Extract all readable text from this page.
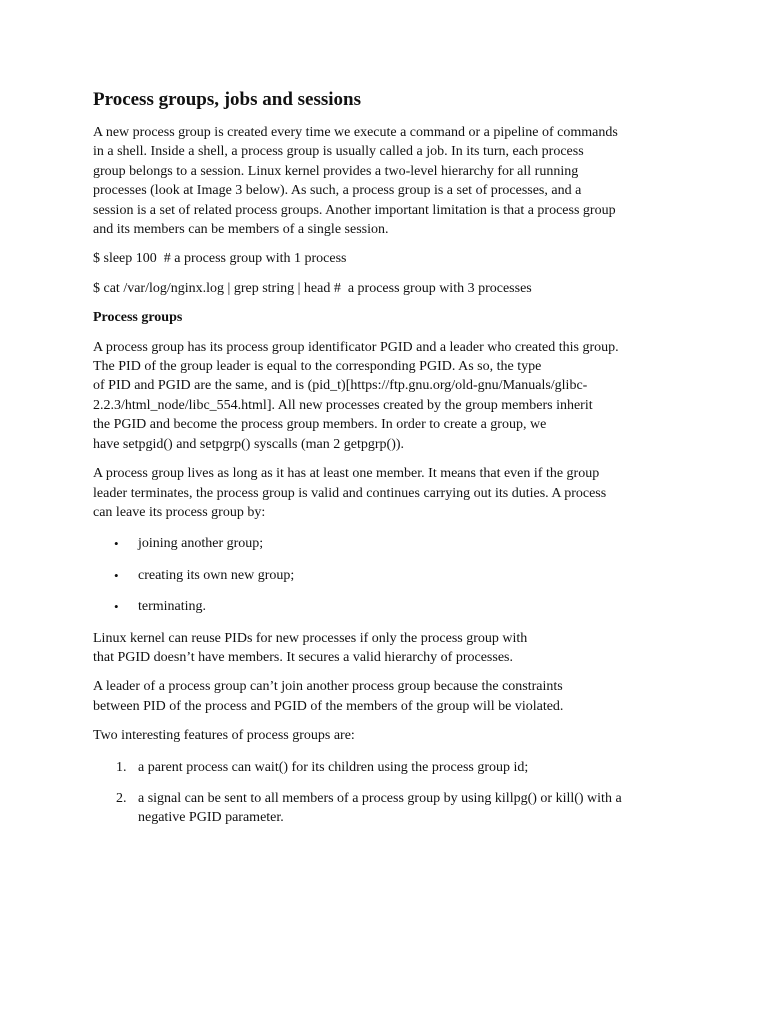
Process groups, jobs and sessions

A new process group is created every time we execute a command or a pipeline of commands
in a shell. Inside a shell, a process group is usually called a job. In its turn, each process
group belongs to a session. Linux kernel provides a two-level hierarchy for all running
processes (look at Image 3 below). As such, a process group is a set of processes, and a
session is a set of related process groups. Another important limitation is that a process group
and its members can be members of a single session.

$ sleep 100  # a process group with 1 process

$ cat /var/log/nginx.log | grep string | head #  a process group with 3 processes

Process groups

A process group has its process group identificator PGID and a leader who created this group.
The PID of the group leader is equal to the corresponding PGID. As so, the type
of PID and PGID are the same, and is (pid_t)[https://ftp.gnu.org/old-gnu/Manuals/glibc-
2.2.3/html_node/libc_554.html]. All new processes created by the group members inherit
the PGID and become the process group members. In order to create a group, we
have setpgid() and setpgrp() syscalls (man 2 getpgrp()).

A process group lives as long as it has at least one member. It means that even if the group
leader terminates, the process group is valid and continues carrying out its duties. A process
can leave its process group by:

• joining another group;
• creating its own new group;
• terminating.

Linux kernel can reuse PIDs for new processes if only the process group with
that PGID doesn’t have members. It secures a valid hierarchy of processes.

A leader of a process group can’t join another process group because the constraints
between PID of the process and PGID of the members of the group will be violated.

Two interesting features of process groups are:

1. a parent process can wait() for its children using the process group id;
2. a signal can be sent to all members of a process group by using killpg() or kill() with a
negative PGID parameter.
